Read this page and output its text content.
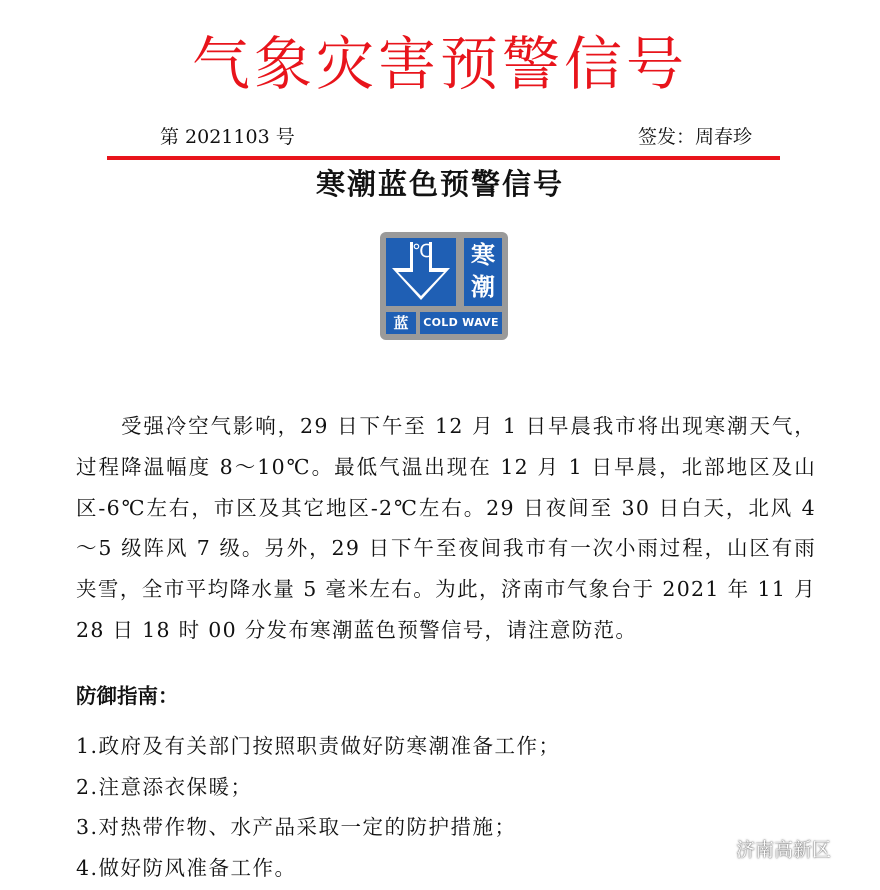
气象灾害预警信号
第 2021103 号	签发：周春珍
寒潮蓝色预警信号
℃	寒
潮
蓝	COLD WAVE
受强冷空气影响，29 日下午至 12 月 1 日早晨我市将出现寒潮天气，过程降温幅度 8～10℃。最低气温出现在 12 月 1 日早晨，北部地区及山区-6℃左右，市区及其它地区-2℃左右。29 日夜间至 30 日白天，北风 4～5 级阵风 7 级。另外，29 日下午至夜间我市有一次小雨过程，山区有雨夹雪，全市平均降水量 5 毫米左右。为此，济南市气象台于 2021 年 11 月 28 日 18 时 00 分发布寒潮蓝色预警信号，请注意防范。
防御指南：
1.政府及有关部门按照职责做好防寒潮准备工作；
2.注意添衣保暖；
3.对热带作物、水产品采取一定的防护措施；
4.做好防风准备工作。
济南高新区
